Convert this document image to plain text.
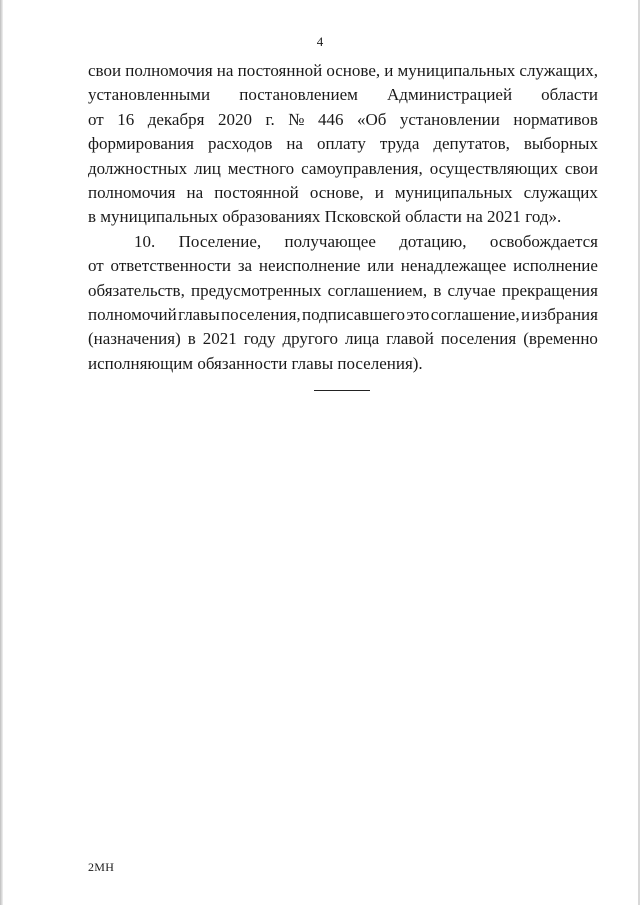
4
свои полномочия на постоянной основе, и муниципальных служащих,
установленными постановлением Администрацией области
от 16 декабря 2020 г. № 446 «Об установлении нормативов
формирования расходов на оплату труда депутатов, выборных
должностных лиц местного самоуправления, осуществляющих свои
полномочия на постоянной основе, и муниципальных служащих
в муниципальных образованиях Псковской области на 2021 год».
10. Поселение, получающее дотацию, освобождается
от ответственности за неисполнение или ненадлежащее исполнение
обязательств, предусмотренных соглашением, в случае прекращения
полномочий главы поселения, подписавшего это соглашение, и избрания
(назначения) в 2021 году другого лица главой поселения (временно
исполняющим обязанности главы поселения).
2МН
